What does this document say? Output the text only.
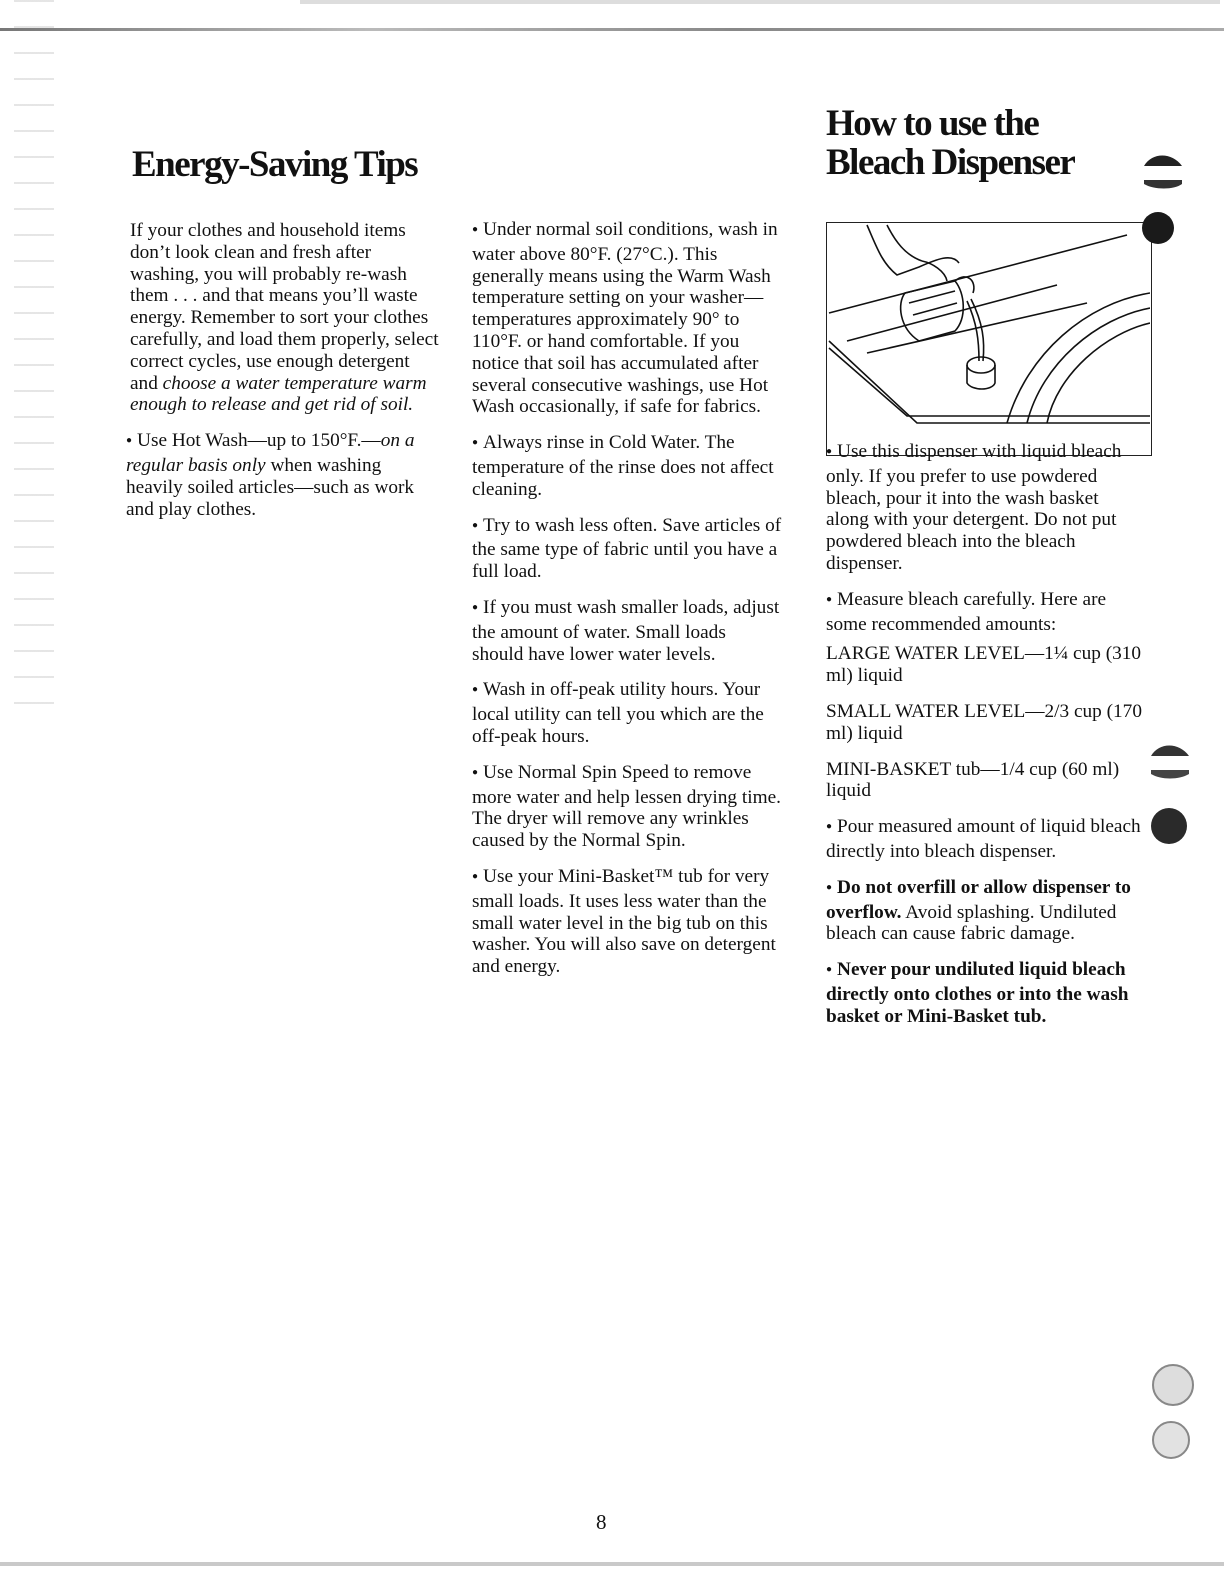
Energy-Saving Tips

If your clothes and household items don’t look clean and fresh after washing, you will probably re-wash them . . . and that means you’ll waste energy. Remember to sort your clothes carefully, and load them properly, select correct cycles, use enough detergent and choose a water temperature warm enough to release and get rid of soil.

● Use Hot Wash—up to 150°F.—on a regular basis only when washing heavily soiled articles—such as work and play clothes.

● Under normal soil conditions, wash in water above 80°F. (27°C.). This generally means using the Warm Wash temperature setting on your washer—temperatures approximately 90° to 110°F. or hand comfortable. If you notice that soil has accumulated after several consecutive washings, use Hot Wash occasionally, if safe for fabrics.

● Always rinse in Cold Water. The temperature of the rinse does not affect cleaning.

● Try to wash less often. Save articles of the same type of fabric until you have a full load.

● If you must wash smaller loads, adjust the amount of water. Small loads should have lower water levels.

● Wash in off-peak utility hours. Your local utility can tell you which are the off-peak hours.

● Use Normal Spin Speed to remove more water and help lessen drying time. The dryer will remove any wrinkles caused by the Normal Spin.

● Use your Mini-Basket™ tub for very small loads. It uses less water than the small water level in the big tub on this washer. You will also save on detergent and energy.

How to use the
Bleach Dispenser

● Use this dispenser with liquid bleach only. If you prefer to use powdered bleach, pour it into the wash basket along with your detergent. Do not put powdered bleach into the bleach dispenser.

● Measure bleach carefully. Here are some recommended amounts:

LARGE WATER LEVEL—1¼ cup (310 ml) liquid

SMALL WATER LEVEL—2/3 cup (170 ml) liquid

MINI-BASKET tub—1/4 cup (60 ml) liquid

● Pour measured amount of liquid bleach directly into bleach dispenser.

● Do not overfill or allow dispenser to overflow. Avoid splashing. Undiluted bleach can cause fabric damage.

● Never pour undiluted liquid bleach directly onto clothes or into the wash basket or Mini-Basket tub.

8
